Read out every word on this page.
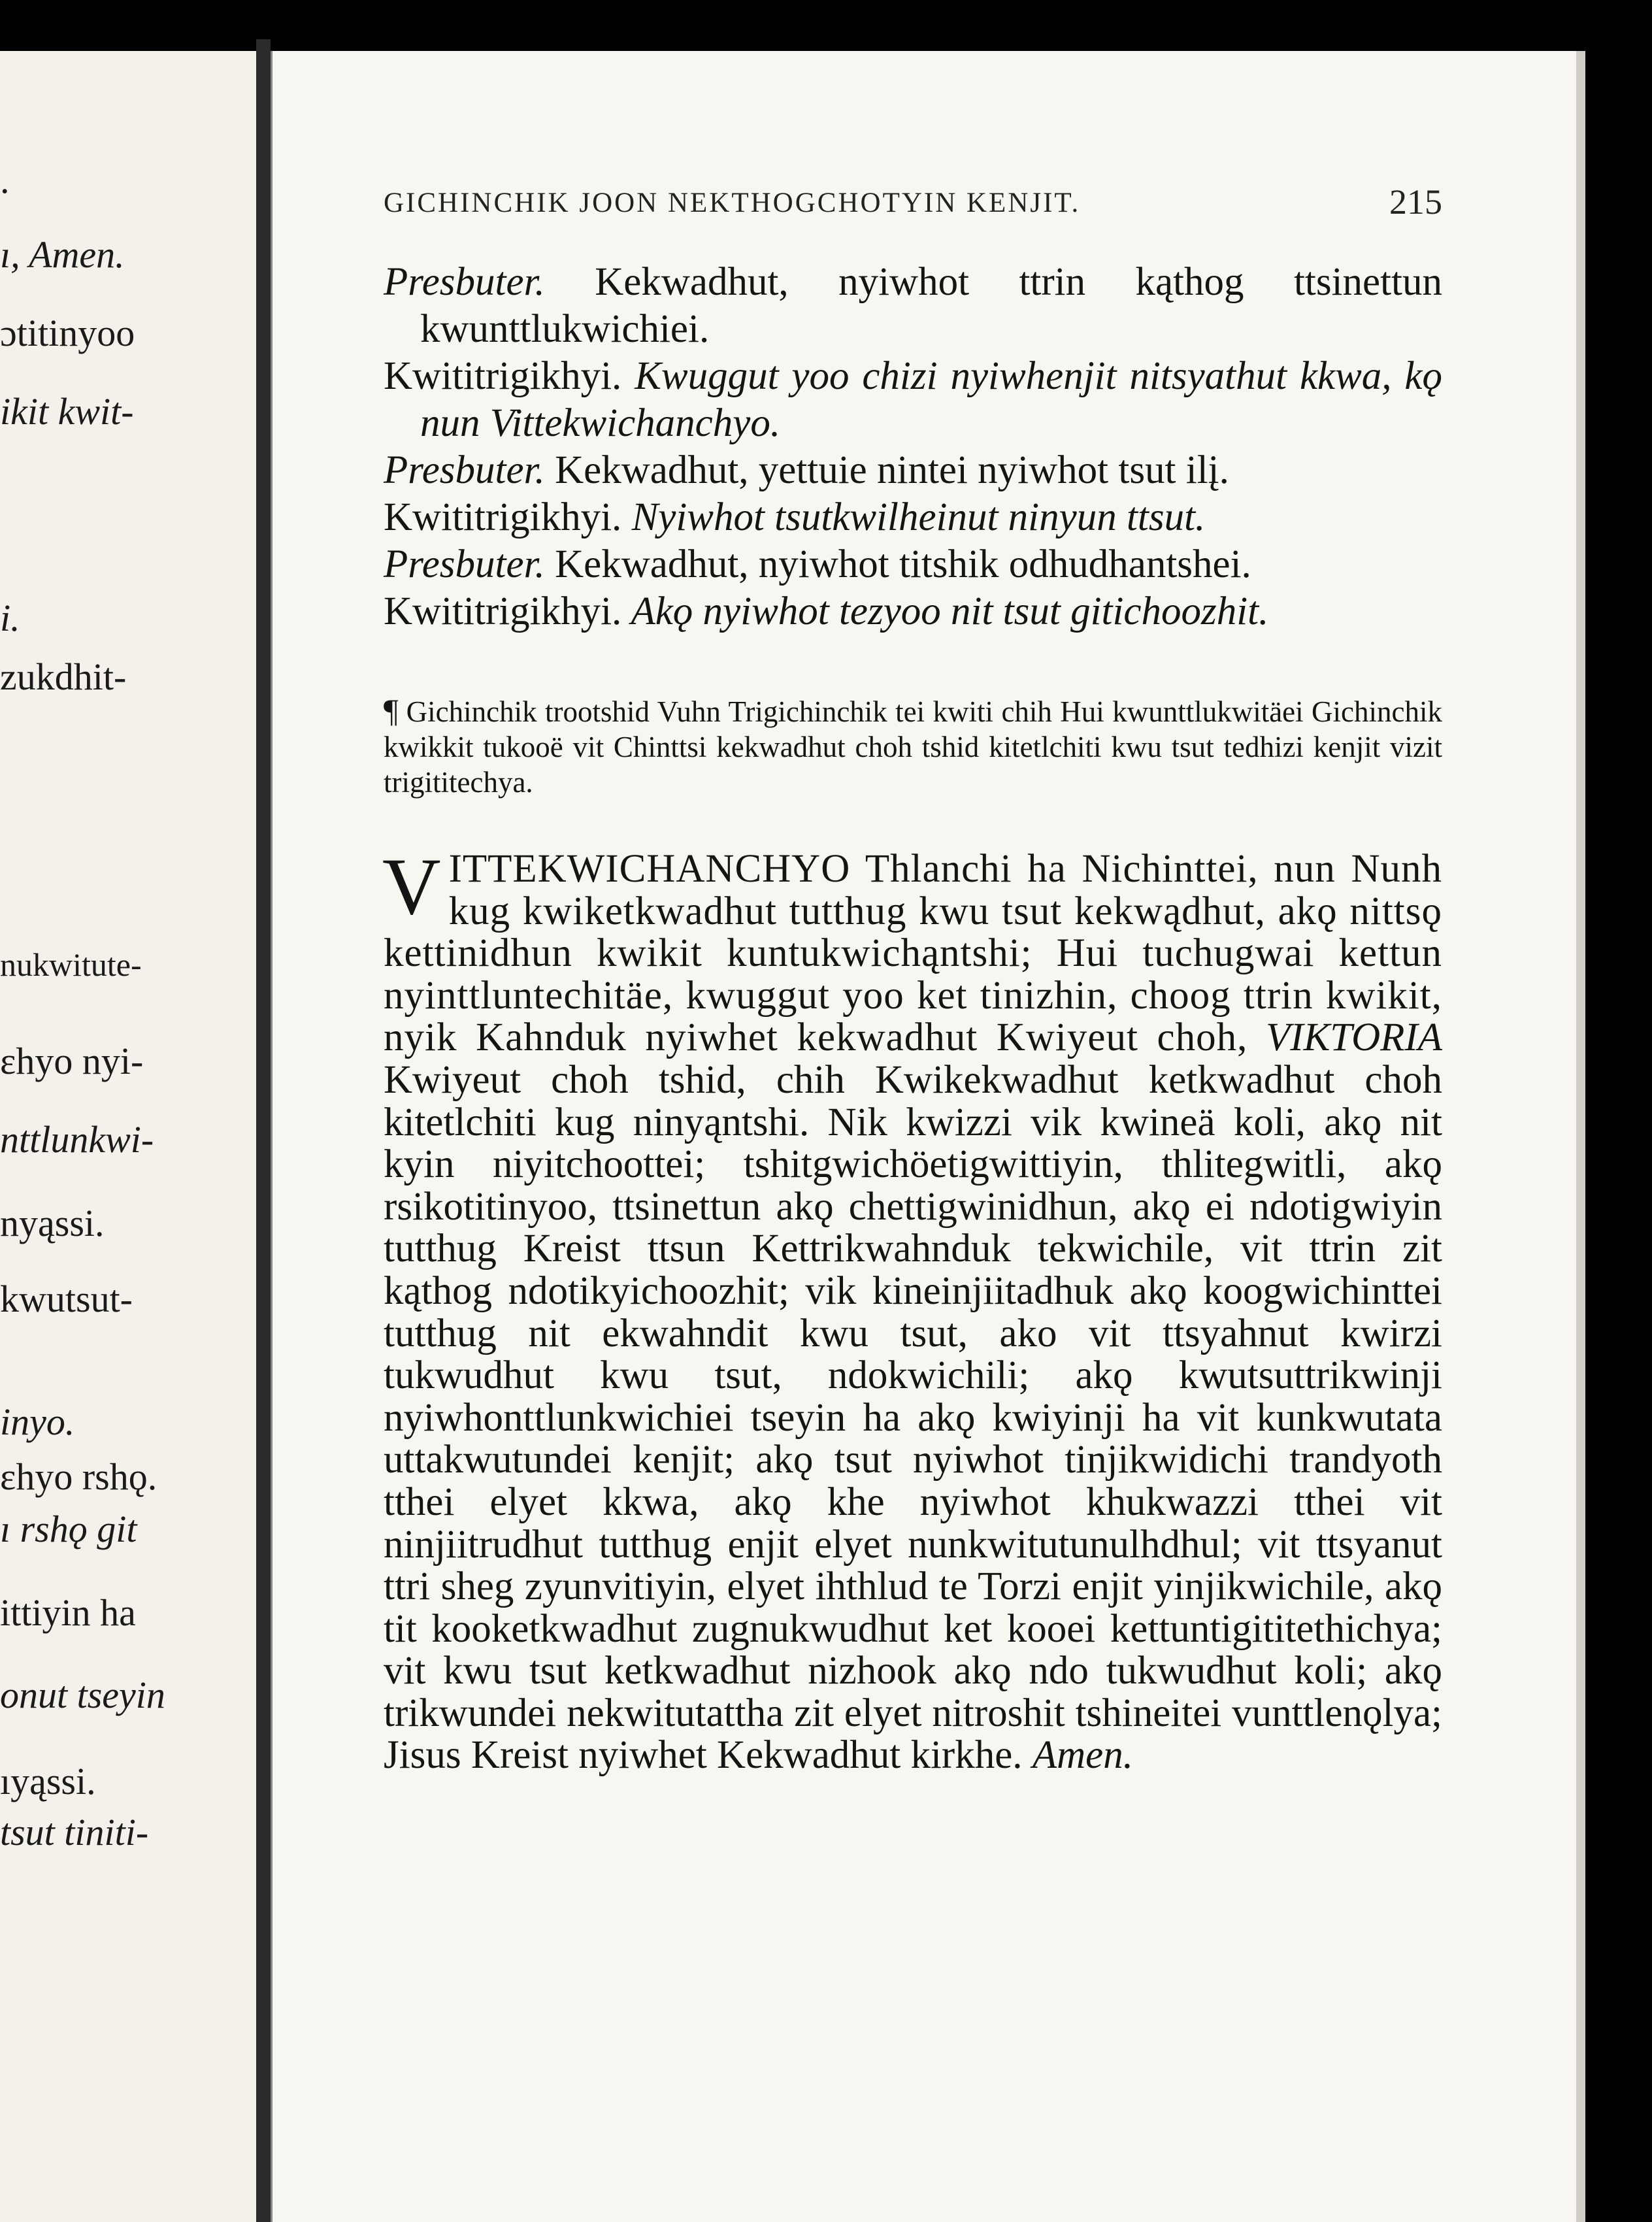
.
ı, Amen.
ɔtitinyoo
ikit kwit-
i.
zukdhit-
nukwitute-
ɛhyo nyi-
nttlunkwi-
nyąssi.
kwutsut-
inyo.
ɛhyo rshǫ.
ı rshǫ git
ittiyin ha
onut tseyin
ıyąssi.
tsut tiniti-
GICHINCHIK JOON NEKTHOGCHOTYIN KENJIT.	215

Presbuter. Kekwadhut, nyiwhot ttrin kąthog ttsinettun kwunttlukwichiei.

Kwititrigikhyi. Kwuggut yoo chizi nyiwhenjit nitsyathut kkwa, kǫ nun Vittekwichanchyo.

Presbuter. Kekwadhut, yettuie nintei nyiwhot tsut ilį.

Kwititrigikhyi. Nyiwhot tsutkwilheinut ninyun ttsut.

Presbuter. Kekwadhut, nyiwhot titshik odhudhantshei.

Kwititrigikhyi. Akǫ nyiwhot tezyoo nit tsut gitichoozhit.

¶ Gichinchik trootshid Vuhn Trigichinchik tei kwiti chih Hui kwunttlukwitäei Gichinchik kwikkit tukooë vit Chinttsi kekwadhut choh tshid kitetlchiti kwu tsut tedhizi kenjit vizit trigititechya.

VITTEKWICHANCHYO Thlanchi ha Nichinttei, nun Nunh kug kwiketkwadhut tutthug kwu tsut kekwądhut, akǫ nittsǫ kettinidhun kwikit kuntukwichąntshi; Hui tuchugwai kettun nyinttluntechitäe, kwuggut yoo ket tinizhin, choog ttrin kwikit, nyik Kahnduk nyiwhet kekwadhut Kwiyeut choh, VIKTORIA Kwiyeut choh tshid, chih Kwikekwadhut ketkwadhut choh kitetlchiti kug ninyąntshi. Nik kwizzi vik kwineä koli, akǫ nit kyin niyitchoottei; tshitgwichöetigwittiyin, thlitegwitli, akǫ rsikotitinyoo, ttsinettun akǫ chettigwinidhun, akǫ ei ndotigwiyin tutthug Kreist ttsun Kettrikwahnduk tekwichile, vit ttrin zit kąthog ndotikyichoozhit; vik kineinjiitadhuk akǫ koogwichinttei tutthug nit ekwahndit kwu tsut, ako vit ttsyahnut kwirzi tukwudhut kwu tsut, ndokwichili; akǫ kwutsuttrikwinji nyiwhonttlunkwichiei tseyin ha akǫ kwiyinji ha vit kunkwutata uttakwutundei kenjit; akǫ tsut nyiwhot tinjikwidichi trandyoth tthei elyet kkwa, akǫ khe nyiwhot khukwazzi tthei vit ninjiitrudhut tutthug enjit elyet nunkwitutunulhdhul; vit ttsyanut ttri sheg zyunvitiyin, elyet ihthlud te Torzi enjit yinjikwichile, akǫ tit kooketkwadhut zugnukwudhut ket kooei kettuntigititethichya; vit kwu tsut ketkwadhut nizhook akǫ ndo tukwudhut koli; akǫ trikwundei nekwitutattha zit elyet nitroshit tshineitei vunttlenǫlya; Jisus Kreist nyiwhet Kekwadhut kirkhe. Amen.
